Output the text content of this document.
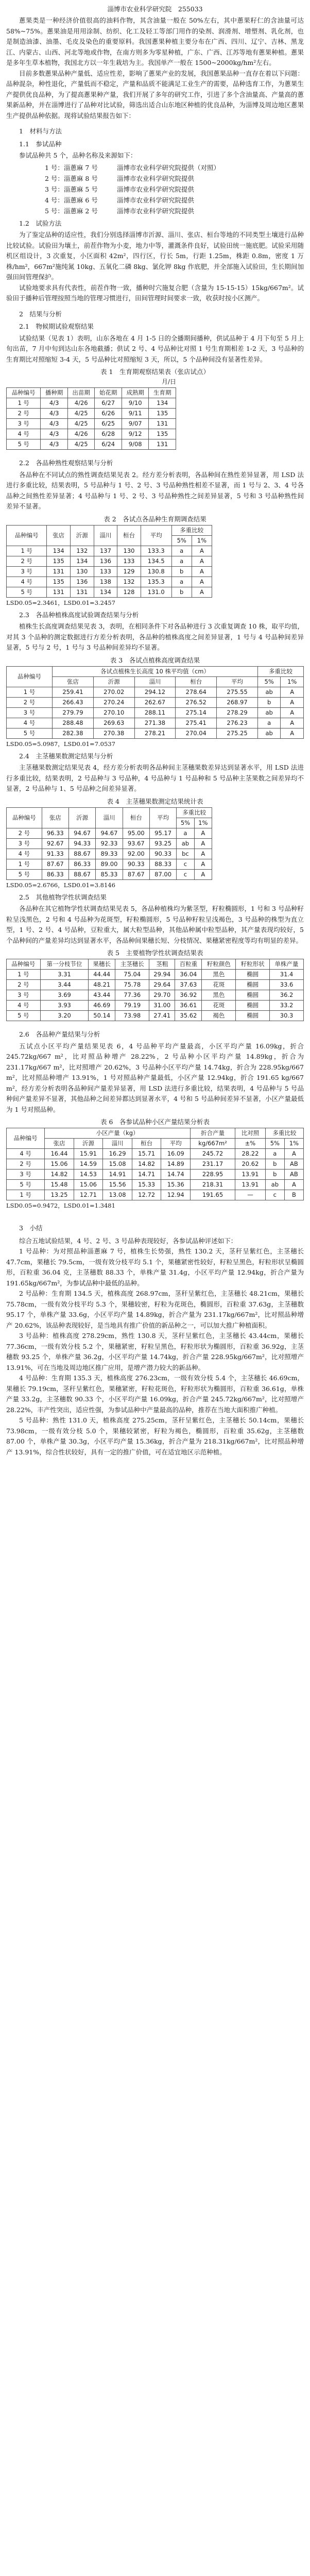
淄博市农业科学研究院　255033

蔥果类是一种经济价值很高的油料作物，其含油量一般在 50%左右，其中蔥果籽仁的含油量可达 58%~75%。蔥果油是用用涂制、纺织、化工及轻工等部门用作的染剂、润滑剂、增塑剂、乳化剂，也是制造油漆、油墨、毛皮及染色的重要原料。我国蔥果种植主要分布在广西、四川、辽宁、吉林、黑龙江、内蒙古、山西、河北等地或作物，在南方则多为零星种植，广东、广西、江苏等地有蔥果种植。蔥果是多年生草本植物，我国北方以一年生栽培为主。我国单产一般在 1500~2000kg/hm²左右。

目前多数蔥果品种产量低、适应性差，影响了蔥果产业的发展，我国蔥果品种一直存在着以下问题：品种混杂，种性退化，产量低而不稳定，产量和品质不能满足工业生产的需要，品种选育工作，为蔥果生产提供优良品种，为了提高蔥果种产量，我们开展了多年的研究工作，引进了多个含油量高、产量高的蔥果新品种，并在淄博进行了品种对比试验，筛选出适合山东地区种植的优良品种，为淄博及周边地区蔥果生产提供品种依据。现将试验结果报告如下：

1　材料与方法
1.1　参试品种

参试品种共 5 个，品种名称及来源如下：

1 号：淄蔥麻 7 号	淄博市农业科学研究院提供（对照）
2 号：淄蔥麻 8 号	淄博市农业科学研究院提供
3 号：淄蔥麻 5 号	淄博市农业科学研究院提供
4 号：淄蔥麻 6 号	淄博市农业科学研究院提供
5 号：淄蔥麻 2 号	淄博市农业科学研究院提供
1.2　试验方法

为了鉴定品种的适应性，我们分别选择淄博市沂源、淄川、张店、桓台等地的不同类型土壤进行品种比较试验。试验田为壤土，前茬作物为小麦，地力中等，灌溉条件良好，试验田统一施底肥。试验采用随机区组设计，3 次重复，小区面积 42m²，四行区，行长 5m，行距 1.25m，株距 0.8m，密度 1 万株/hm²，667m²施纯氮 10kg、五氧化二磷 8kg、氯化钾 8kg 作底肥，并全部施入试验田，生长期间加强田间管理保护。

试验地要求具有代表性，前茬作物一致，播种时穴施复合肥（含量为 15-15-15）15kg/667m²。试验田于播种后管理按照当地的管理习惯进行，田间管理时间要求一致，收获时按小区测产。

2　结果与分析
2.1　物候期试验观察结果

试验结果（见表 1）表明，山东各地在 4 月 1-5 日的全播期间播种，供试品种于 4 月下旬至 5 月上旬出苗，7 月中旬到达山东各地截播；供试 2 号、4 号品种比对照 1 号生育期相差 1-2 天，3 号品种的生育期比对照缩短 3-4 天，5 号品种比对照缩短 3 天，所以，5 个品种间没有显著性差异。

表 1　生育期观察结果表（张店试点）
月/日
品种编号	播种期	出苗期	始花期	成熟期	生育期
1 号	4/3	4/26	6/27	9/10	134
2 号	4/3	4/25	6/26	9/11	135
3 号	4/3	4/25	6/25	9/07	131
4 号	4/3	4/26	6/28	9/12	135
5 号	4/3	4/25	6/24	9/08	131
2.2　各品种熟性观察结果与分析

各品种在不同试点的熟性调查结果见表 2。经方差分析表明，各品种间在熟性差异显著，用 LSD 法进行多重比较，结果表明，5 号品种与 1 号、2 号、3 号品种熟性相差不显著，而 1 号与 2、3、4 号各品种之间熟性差异显著；4 号品种与 1 号、2 号、3 号品种熟性之间差异显著，5 号和 3 号品种熟性间差异不显著。

表 2　各试点各品种生育期调查结果
品种编号	张店	沂源	淄川	桓台	平均	多重比较	
						5%	1%
1 号	134	132	137	130	133.3	a	A
2 号	135	134	136	133	134.5	a	A
3 号	131	130	133	129	130.8	b	A
4 号	135	136	138	132	135.3	a	A
5 号	131	131	134	128	131.0	b	A
LSD0.05=2.3461，LSD0.01=3.2457
2.3　各品种植株高度试验调查结果与分析

植株生长高度调查结果见表 3，表明，在相同条件下对各品种进行 3 次重复调查 10 株，取平均值，对其 3 个品种的测定数据进行方差分析表明，各品种的植株高度之间差异显著，1 号与 4 号品种间差异显著，5 号与 2 号，1 号与 3 号品种间差异均不显著。

表 3　各试点植株高度调查结果
品种编号	各试点植株生长高度 10 株平均值（cm）					多重比较	
	张店	沂源	淄川	桓台	平均	5%	1%
1 号	259.41	270.02	294.12	278.64	275.55	ab	A
2 号	266.43	270.24	262.67	276.52	268.97	b	A
3 号	279.79	270.10	288.11	275.14	278.29	ab	A
4 号	288.48	269.63	271.38	275.41	276.23	a	A
5 号	282.38	270.38	278.21	270.04	275.25	ab	A
LSD0.05=5.0987，LSD0.01=7.0537
2.4　主茎穗果数测定结果与分析

主茎穗果数测定结果见表 4，经方差分析表明各品种间主茎穗果数差异达到显著水平，用 LSD 法进行多重比较，结果表明，2 号品种与 3 号品种，4 号品种与 1 号品种和 5 号品种主茎果数之间差异均不显著，2 号品种与 1、5 号品种之间差异显著。

表 4　主茎穗果数测定结果统计表
品种编号	张店	沂源	淄川	桓台	平均	多重比较	
						5%	1%
2 号	96.33	94.67	94.67	95.00	95.17	a	A
3 号	92.67	94.33	92.33	93.67	93.25	ab	A
4 号	91.33	88.67	89.33	92.00	90.33	bc	A
1 号	87.67	86.33	89.00	90.33	88.33	c	A
5 号	86.33	88.67	85.33	87.67	87.00	c	A
LSD0.05=2.6766，LSD0.01=3.8146
2.5　其他植物学性状调查结果

各品种在其它植物学性状调查结果见表 5，各品种植株均为紫茎型，籽粒椭圆形，1 号和 3 号品种籽粒呈浅黑色，2 号和 4 号品种为花斑型，籽粒椭圆形，5 号品种籽粒呈浅褐色，3 号品种的株型为直立型，1 号、2 号、4 号品种，豆粒重大，属大粒型品种，其他品种属中粒型品种，其产量表现均较好，5 个品种间的产量差异均达到显著水平，各品种间果穗长短、分枝情况、果穗紧密程度等均有明显的差异。

表 5　主要植物学性状调查结果表
品种编号	第一分枝节位	果穗长	主茎穗长	茎粗	百粒重	籽粒颜色	籽粒形状	单株产量
1 号	3.31	44.44	75.04	29.94	36.04	黑色	椭圆	31.4
2 号	3.44	48.21	75.78	29.64	37.63	花斑	椭圆	33.6
3 号	3.69	43.44	77.36	29.70	36.92	黑色	椭圆	36.2
4 号	3.93	46.69	79.19	31.00	36.61	花斑	椭圆	33.2
5 号	3.20	50.14	73.98	27.41	35.62	褐色	椭圆	30.3
2.6　各品种产量结果与分析

五试点小区平均产量结果见表 6，4 号品种平均产量最高，小区平均产量 16.09kg，折合 245.72kg/667 m²，比对照品种增产 28.22%，2 号品种小区平均产量 14.89kg，折合为 231.17kg/667 m²，比对照增产 20.62%，3 号品种小区平均产量 14.74kg，折合为 228.95kg/667 m²，比对照品种增产 13.91%，1 号对照品种产量最低，小区产量 12.94kg，折合 191.65 kg/667 m²，经方差分析表明各品种间产量差异显著，用 LSD 法进行多重比较，结果表明，4 号品种与 5 号品种间产量差异不显著，其他品种之间差异都达到显著水平，4 号和 5 号品种间差异不显著，小区产量最低为 1 号对照品种。

表 6　各参试品种小区产量结果分析表
品种编号	小区产量（kg）					折合产量	比对照	多重比较	
	张店	沂源	淄川	桓台	平均	kg/667m²	±%	5%	1%
4 号	16.44	15.91	16.29	15.71	16.09	245.72	28.22	a	A
2 号	15.06	14.59	15.08	14.82	14.89	231.17	20.62	b	AB
3 号	14.82	14.53	14.91	14.71	14.74	228.95	13.91	b	AB
5 号	15.48	15.06	15.56	15.33	15.36	218.31	13.91	ab	A
1 号	13.25	12.71	13.08	12.72	12.94	191.65	—	c	B
LSD0.05=0.9472，LSD0.01=1.3481
3　小结

综合五地试验结果，4 号、2 号、3 号品种表现较好，各参试品种评述如下：

1 号品种：为对照品种淄蔥麻 7 号，植株生长势强，熟性 130.2 天，茎秆呈紫红色，主茎穗长 47.7cm，果穗长 79.5cm，一级有效分枝平均 5.1 个，果穗紧密性较好，籽粒呈黑色，籽粒形状呈椭圆形，百粒重 36.04 克，主茎穗数 88.33 个，单株产量 31.4g，小区平均产量 12.94kg，折合产量为 191.65kg/667m²，为参试品种中最低的品种。

2 号品种：生育期 134.5 天，植株高度 268.97cm，茎秆呈紫红色，主茎穗长 48.21cm，果穗长 75.78cm，一级有效分枝平均 5.3 个，果穗较密，籽粒为花斑色，椭圆形，百粒重 37.63g，主茎穗数 95.17 个，单株产量 33.6g，小区平均产量 14.89kg，折合产量为 231.17kg/667m²，比对照品种增产 20.62%，该品种表现较好，是当地具有推广价值的新品种之一，可以加大推广种植面积。

3 号品种：植株高度 278.29cm，熟性 130.8 天，茎秆呈紫红色，主茎穗长 43.44cm，果穗长 77.36cm，一级有效分枝 5.2 个，果穗紧密，籽粒呈黑色，籽粒形状为椭圆形，百粒重 36.92g，主茎穗数 93.25 个，单株产量 36.2g，小区平均产量 14.74kg，折合产量 228.95kg/667m²，比对照增产 13.91%，可在当地及周边地区推广应用，是增产潜力较大的新品种。

4 号品种：生育期 135.3 天，植株高度 276.23cm，一级有效分枝 5.4 个，主茎穗长 46.69cm，果穗长 79.19cm，茎秆呈紫红色，果穗紧密，籽粒花斑色，籽粒形状为椭圆形，百粒重 36.61g，单株产量 33.2g，主茎穗数 90.33 个，小区平均产量 16.09kg，折合产量 245.72kg/667m²，比对照增产 28.22%，丰产性突出，适应性强，为参试品种中产量最高的品种，推荐在当地大面积推广种植。

5 号品种：熟性 131.0 天，植株高度 275.25cm，茎秆呈紫红色，主茎穗长 50.14cm，果穗长 73.98cm，一级有效分枝 5.0 个，果穗较紧密，籽粒为褐色，椭圆形，百粒重 35.62g，主茎穗数 87.00 个，单株产量 30.3g，小区平均产量 15.36kg，折合产量为 218.31kg/667m²，比对照品种增产 13.91%，综合性状较好，具有一定的推广价值，可在适宜地区示范种植。
